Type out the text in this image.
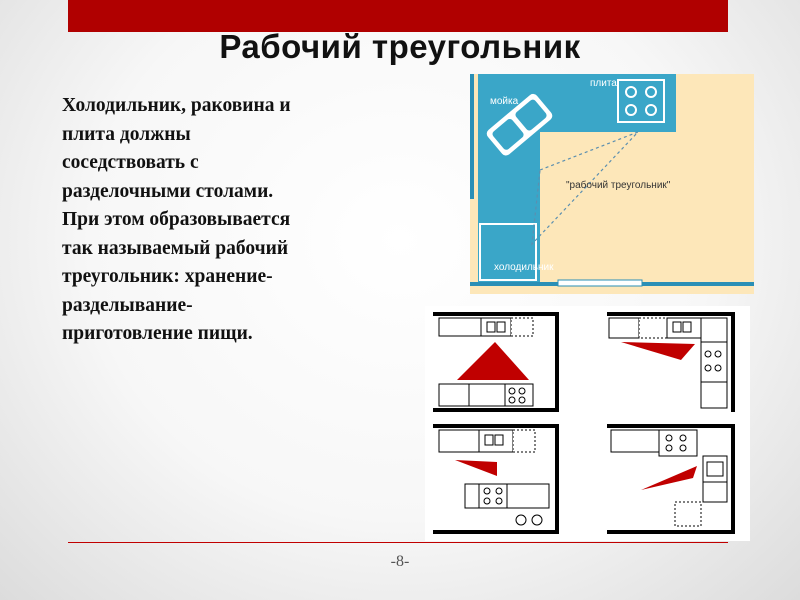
Рабочий треугольник

Холодильник, раковина и
плита должны
соседствовать с
разделочными столами.
При этом образовывается
так называемый рабочий
треугольник: хранение-
разделывание-
приготовление пищи.

мойка
плита
"рабочий треугольник"
холодильник
-8-
